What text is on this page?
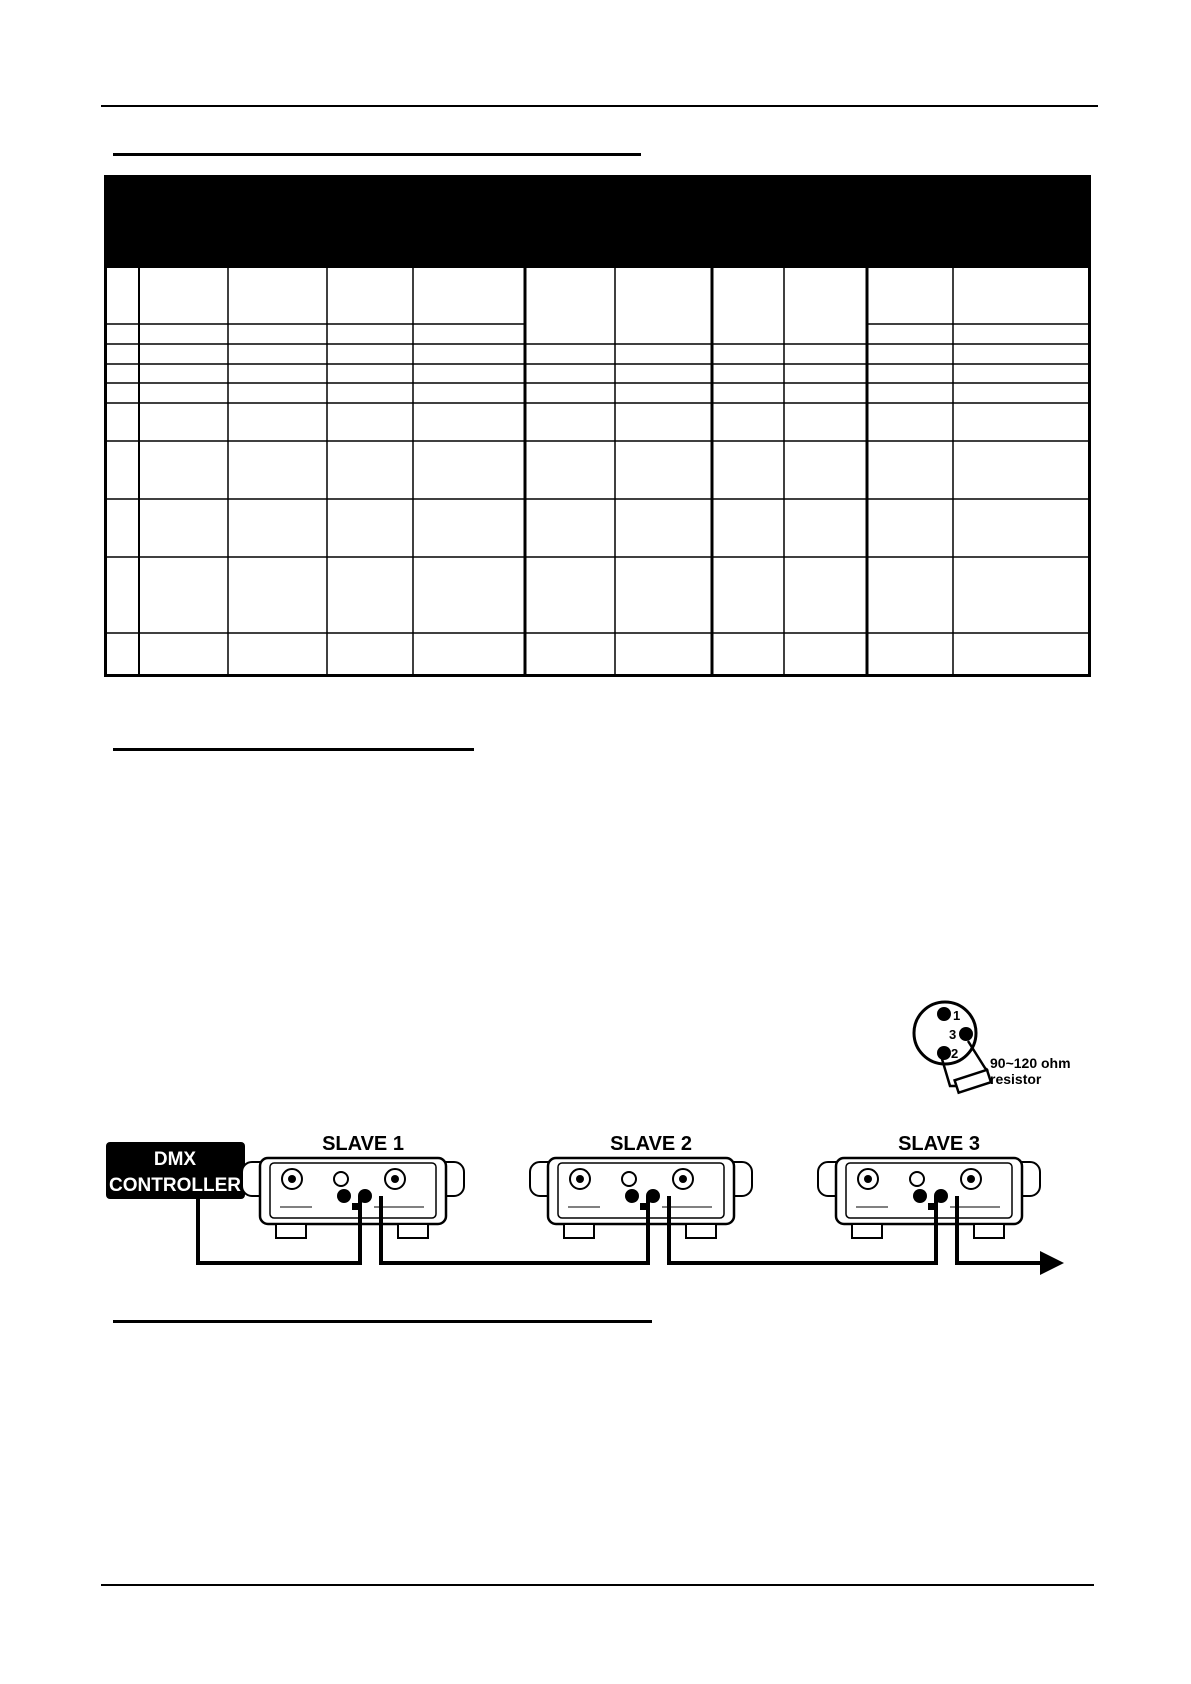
1
3
2
90~120 ohm
resistor
DMX
CONTROLLER
SLAVE 1	SLAVE 2	SLAVE 3
